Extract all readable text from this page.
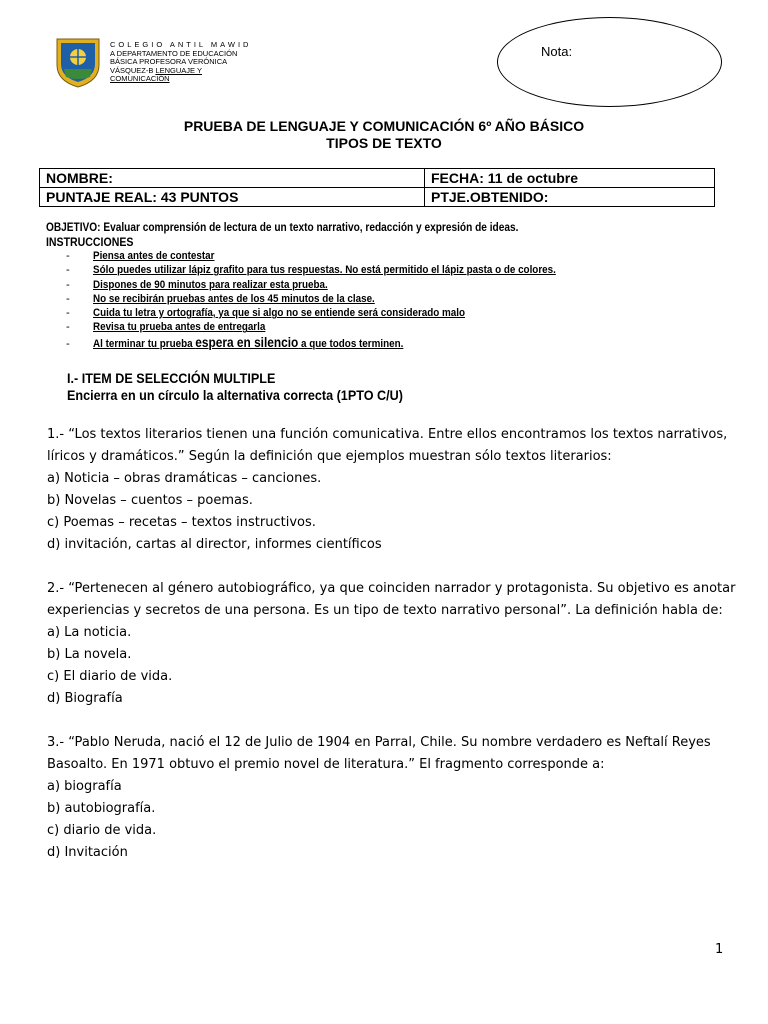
COLEGIO ANTIL MAWID
A DEPARTAMENTO DE EDUCACIÓN
BÁSICA PROFESORA VERÓNICA
VÁSQUEZ-B LENGUAJE Y
COMUNICACIÓN
Nota:
PRUEBA DE LENGUAJE Y COMUNICACIÓN 6º AÑO BÁSICO
TIPOS DE TEXTO
NOMBRE:	FECHA: 11 de octubre
PUNTAJE REAL: 43 PUNTOS	PTJE.OBTENIDO:
OBJETIVO: Evaluar comprensión de lectura de un texto narrativo, redacción y expresión de ideas.
INSTRUCCIONES
- Piensa antes de contestar
- Sólo puedes utilizar lápiz grafito para tus respuestas. No está permitido el lápiz pasta o de colores.
- Dispones de 90 minutos para realizar esta prueba.
- No se recibirán pruebas antes de los 45 minutos de la clase.
- Cuida tu letra y ortografía, ya que si algo no se entiende será considerado malo
- Revisa tu prueba antes de entregarla
- Al terminar tu prueba espera en silencio a que todos terminen.
I.- ITEM DE SELECCIÓN MULTIPLE
Encierra en un círculo la alternativa correcta (1PTO C/U)

1.- “Los textos literarios tienen una función comunicativa. Entre ellos encontramos los textos narrativos,

líricos y dramáticos.” Según la definición que ejemplos muestran sólo textos literarios:

a) Noticia – obras dramáticas – canciones.

b) Novelas – cuentos – poemas.

c) Poemas – recetas – textos instructivos.

d) invitación, cartas al director, informes científicos

2.- “Pertenecen al género autobiográfico, ya que coinciden narrador y protagonista. Su objetivo es anotar

experiencias y secretos de una persona. Es un tipo de texto narrativo personal”. La definición habla de:

a) La noticia.

b) La novela.

c) El diario de vida.

d) Biografía

3.- “Pablo Neruda, nació el 12 de Julio de 1904 en Parral, Chile. Su nombre verdadero es Neftalí Reyes

Basoalto. En 1971 obtuvo el premio novel de literatura.” El fragmento corresponde a:

a) biografía

b) autobiografía.

c) diario de vida.

d) Invitación

1
